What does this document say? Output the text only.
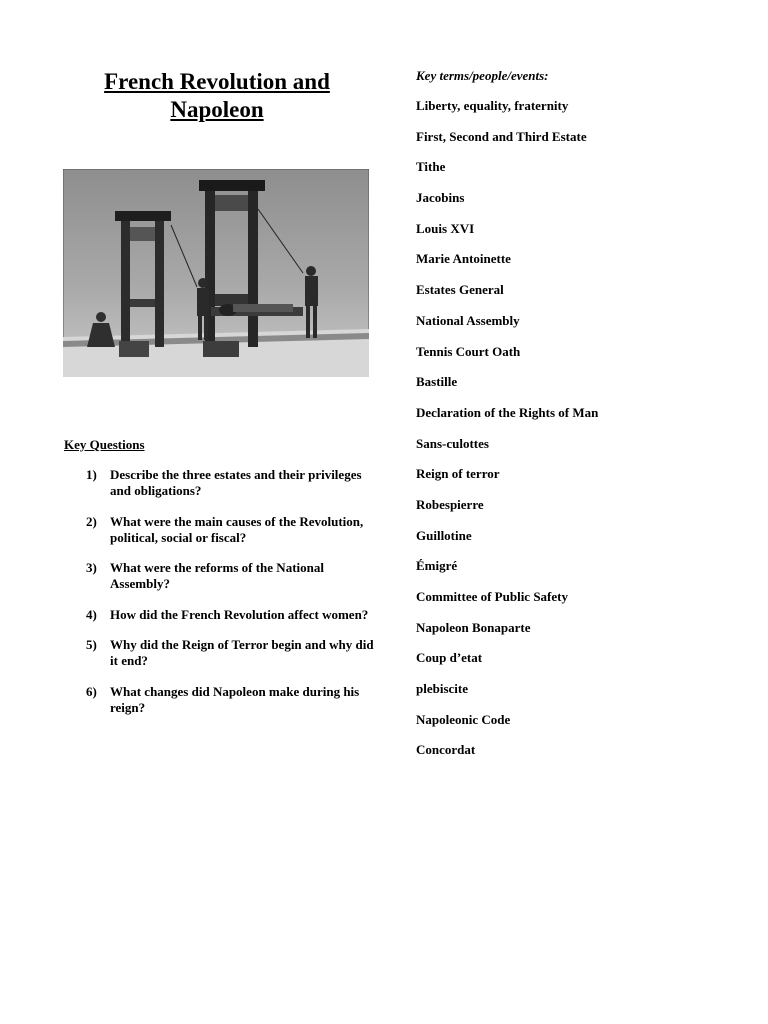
French Revolution and
Napoleon
Key Questions
1)	Describe the three estates and their privileges and obligations?
2)	What were the main causes of the Revolution, political, social or fiscal?
3)	What were the reforms of the National Assembly?
4)	How did the French Revolution affect women?
5)	Why did the Reign of Terror begin and why did it end?
6)	What changes did Napoleon make during his reign?
Key terms/people/events:
Liberty, equality, fraternity
First, Second and Third Estate
Tithe
Jacobins
Louis XVI
Marie Antoinette
Estates General
National Assembly
Tennis Court Oath
Bastille
Declaration of the Rights of Man
Sans-culottes
Reign of terror
Robespierre
Guillotine
Émigré
Committee of Public Safety
Napoleon Bonaparte
Coup d’etat
plebiscite
Napoleonic Code
Concordat
